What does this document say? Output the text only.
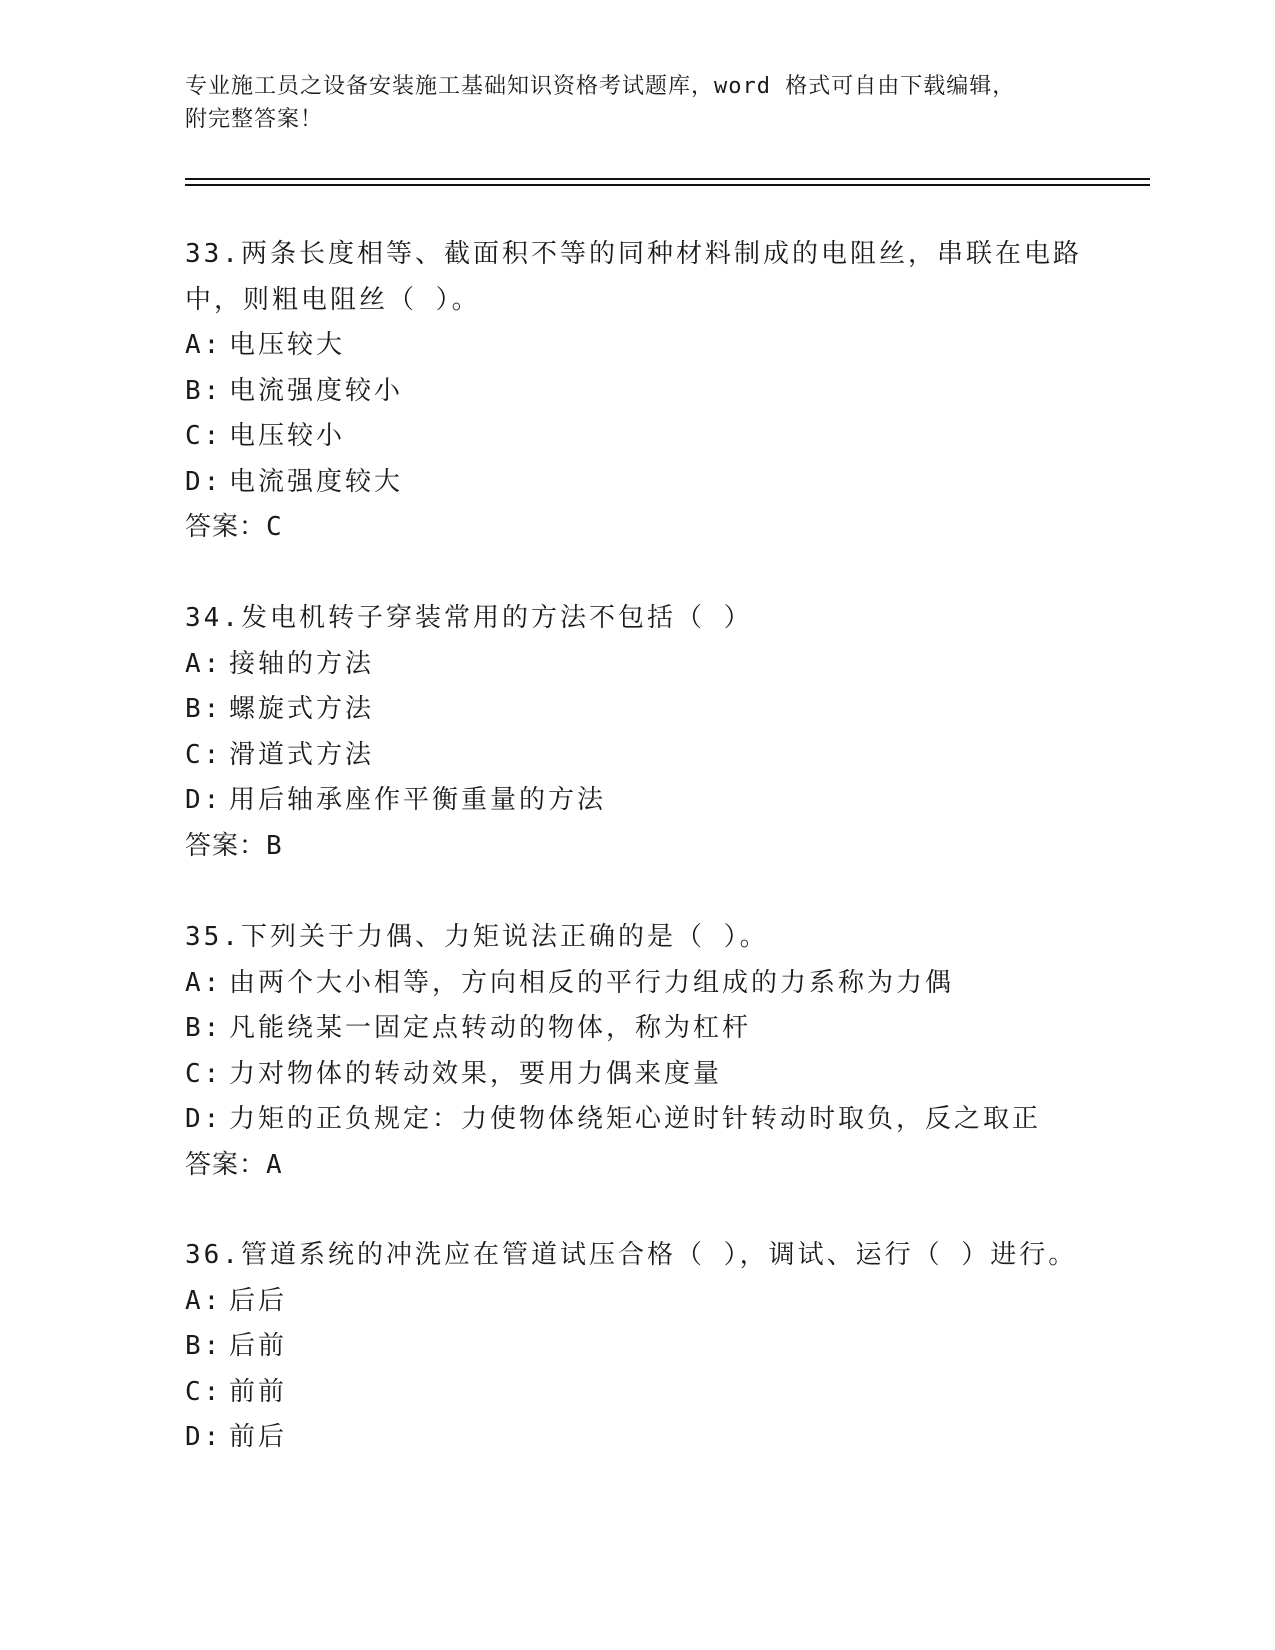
专业施工员之设备安装施工基础知识资格考试题库，word 格式可自由下载编辑，
附完整答案！
33.两条长度相等、截面积不等的同种材料制成的电阻丝，串联在电路
中，则粗电阻丝（ ）。
A: 电压较大
B: 电流强度较小
C: 电压较小
D: 电流强度较大
答案：C
34.发电机转子穿装常用的方法不包括（ ）
A: 接轴的方法
B: 螺旋式方法
C: 滑道式方法
D: 用后轴承座作平衡重量的方法
答案：B
35.下列关于力偶、力矩说法正确的是（ ）。
A: 由两个大小相等，方向相反的平行力组成的力系称为力偶
B: 凡能绕某一固定点转动的物体，称为杠杆
C: 力对物体的转动效果，要用力偶来度量
D: 力矩的正负规定：力使物体绕矩心逆时针转动时取负，反之取正
答案：A
36.管道系统的冲洗应在管道试压合格（ ），调试、运行（ ）进行。
A: 后后
B: 后前
C: 前前
D: 前后
